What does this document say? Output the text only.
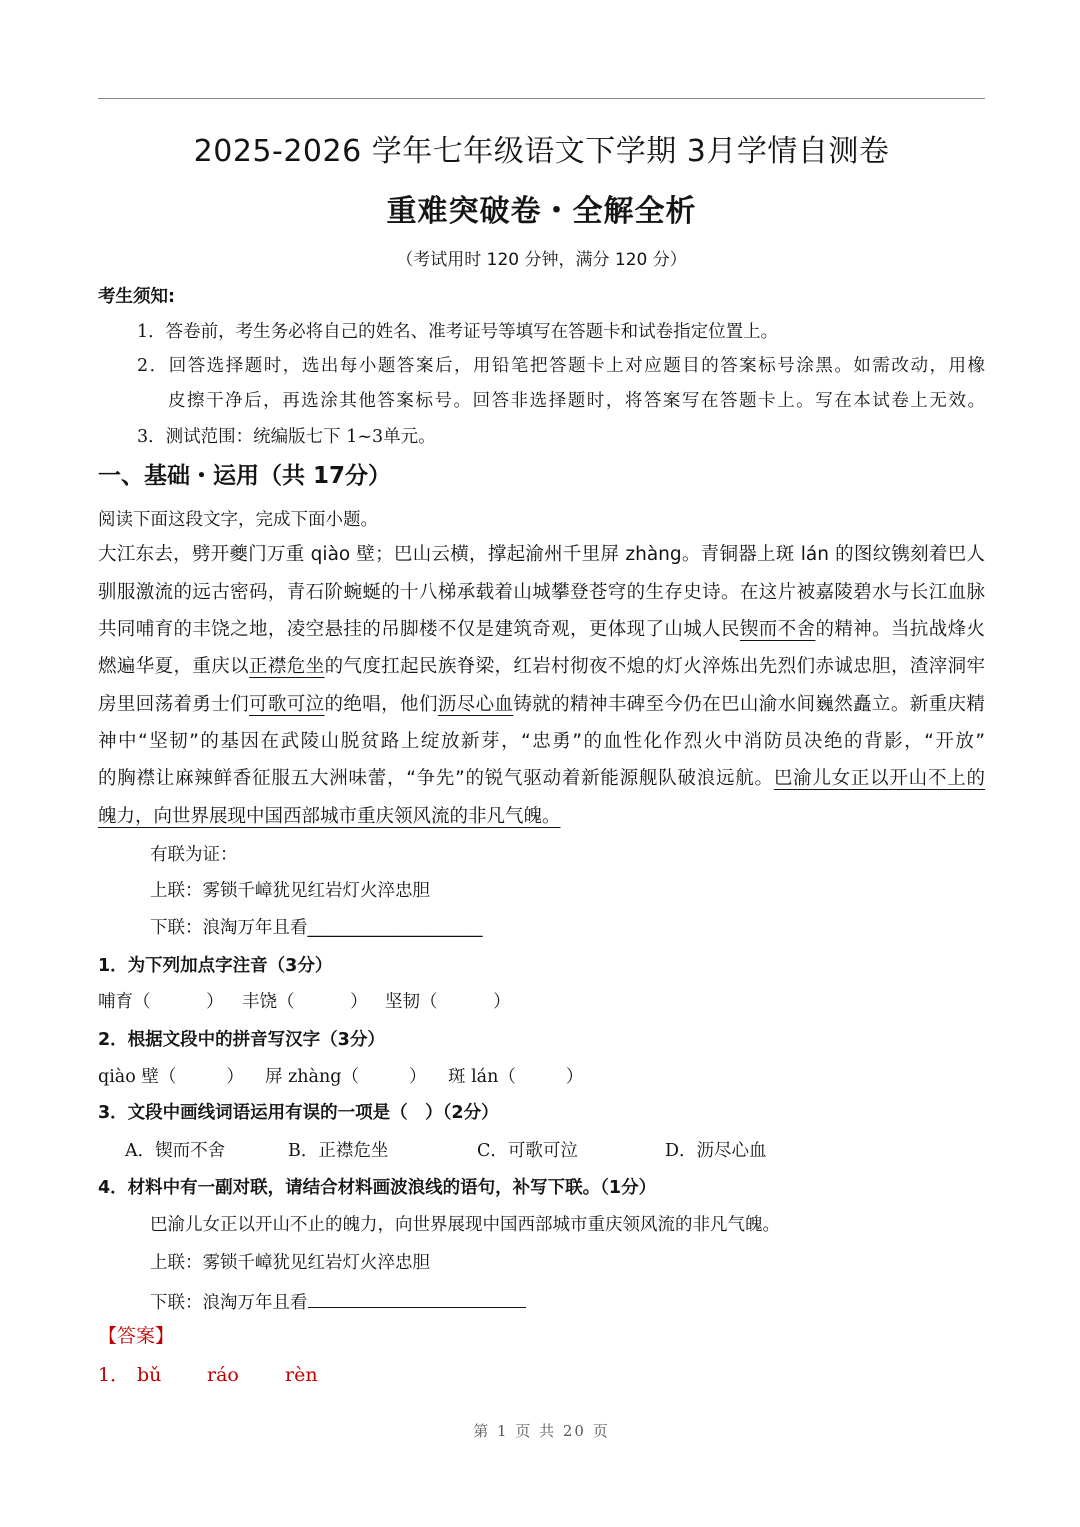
2025-2026 学年七年级语文下学期 3月学情自测卷
重难突破卷・全解全析
（考试用时 120 分钟，满分 120 分）
考生须知:
1．答卷前，考生务必将自己的姓名、准考证号等填写在答题卡和试卷指定位置上。
2．回答选择题时，选出每小题答案后，用铅笔把答题卡上对应题目的答案标号涂黑。如需改动，用橡
皮擦干净后，再选涂其他答案标号。回答非选择题时，将答案写在答题卡上。写在本试卷上无效。
3．测试范围：统编版七下 1~3单元。
一、基础・运用（共 17分）
阅读下面这段文字，完成下面小题。
大江东去，劈开夔门万重 qiào 壁；巴山云横，撑起渝州千里屏 zhàng。青铜器上斑 lán 的图纹镌刻着巴人
驯服激流的远古密码，青石阶蜿蜒的十八梯承载着山城攀登苍穹的生存史诗。在这片被嘉陵碧水与长江血脉
共同哺育的丰饶之地，凌空悬挂的吊脚楼不仅是建筑奇观，更体现了山城人民锲而不舍的精神。当抗战烽火
燃遍华夏，重庆以正襟危坐的气度扛起民族脊梁，红岩村彻夜不熄的灯火淬炼出先烈们赤诚忠胆，渣滓洞牢
房里回荡着勇士们可歌可泣的绝唱，他们沥尽心血铸就的精神丰碑至今仍在巴山渝水间巍然矗立。新重庆精
神中“坚韧”的基因在武陵山脱贫路上绽放新芽，“忠勇”的血性化作烈火中消防员决绝的背影，“开放”
的胸襟让麻辣鲜香征服五大洲味蕾，“争先”的锐气驱动着新能源舰队破浪远航。巴渝儿女正以开山不上的
魄力，向世界展现中国西部城市重庆领风流的非凡气魄。
有联为证：
上联：雾锁千嶂犹见红岩灯火淬忠胆
下联：浪淘万年且看____________________
1．为下列加点字注音（3分）
哺育（          ） 丰饶（          ） 坚韧（          ）
2．根据文段中的拼音写汉字（3分）
qiào 壁（         ） 屏 zhàng（         ） 斑 lán（         ）
3．文段中画线词语运用有误的一项是（　）（2分）
A．锲而不舍	B．正襟危坐	C．可歌可泣	D．沥尽心血
4．材料中有一副对联，请结合材料画波浪线的语句，补写下联。（1分）
巴渝儿女正以开山不止的魄力，向世界展现中国西部城市重庆领风流的非凡气魄。
上联：雾锁千嶂犹见红岩灯火淬忠胆
下联：浪淘万年且看
【答案】
1． bǔ ráo rèn
第 1 页 共 20 页
